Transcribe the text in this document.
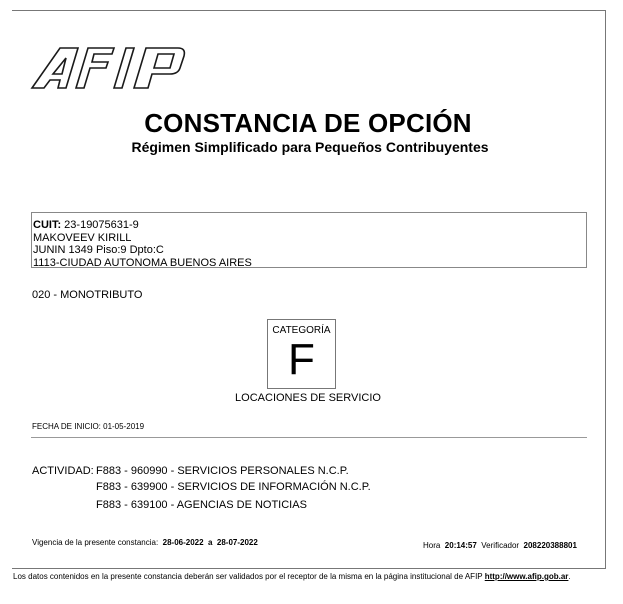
CONSTANCIA DE OPCIÓN
Régimen Simplificado para Pequeños Contribuyentes
CUIT: 23-19075631-9
MAKOVEEV KIRILL
JUNIN 1349 Piso:9 Dpto:C
1113-CIUDAD AUTONOMA BUENOS AIRES
020 - MONOTRIBUTO
CATEGORÍA
F
LOCACIONES DE SERVICIO
FECHA DE INICIO: 01-05-2019
ACTIVIDAD: F883 - 960990 - SERVICIOS PERSONALES N.C.P.
F883 - 639900 - SERVICIOS DE INFORMACIÓN N.C.P.
F883 - 639100 - AGENCIAS DE NOTICIAS
Vigencia de la presente constancia: 28-06-2022 a 28-07-2022	Hora 20:14:57 Verificador 208220388801
Los datos contenidos en la presente constancia deberán ser validados por el receptor de la misma en la página institucional de AFIP http://www.afip.gob.ar.
